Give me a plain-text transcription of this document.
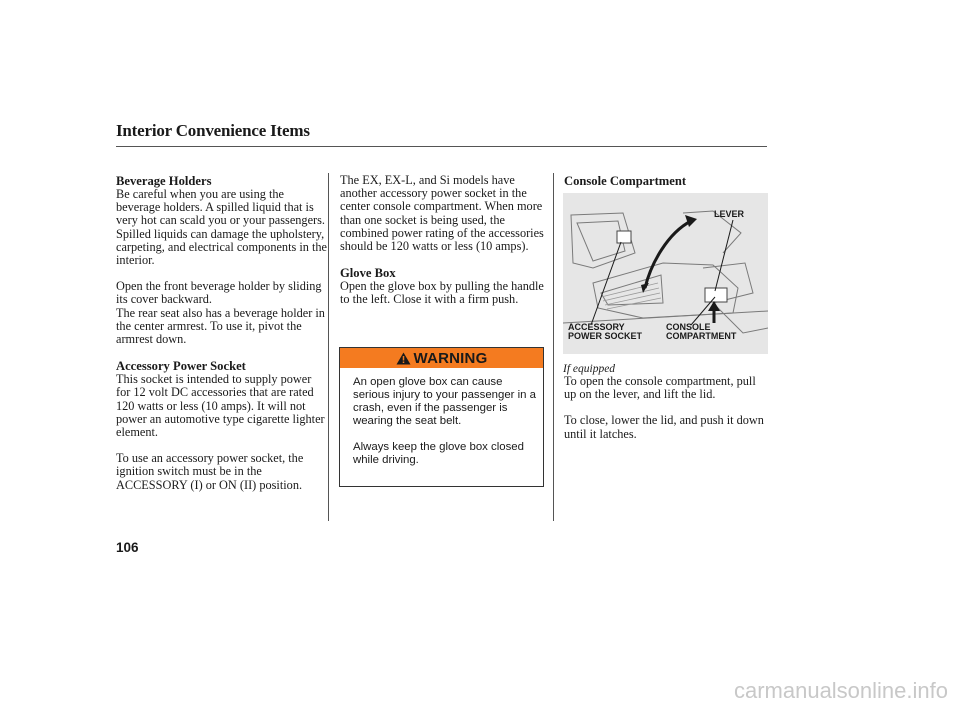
Interior Convenience Items

Beverage Holders

Be careful when you are using the beverage holders. A spilled liquid that is very hot can scald you or your passengers. Spilled liquids can damage the upholstery, carpeting, and electrical components in the interior.

Open the front beverage holder by sliding its cover backward.

The rear seat also has a beverage holder in the center armrest. To use it, pivot the armrest down.

Accessory Power Socket

This socket is intended to supply power for 12 volt DC accessories that are rated 120 watts or less (10 amps). It will not power an automotive type cigarette lighter element.

To use an accessory power socket, the ignition switch must be in the ACCESSORY (I) or ON (II) position.

The EX, EX-L, and Si models have another accessory power socket in the center console compartment. When more than one socket is being used, the combined power rating of the accessories should be 120 watts or less (10 amps).

Glove Box

Open the glove box by pulling the handle to the left. Close it with a firm push.

WARNING

An open glove box can cause serious injury to your passenger in a crash, even if the passenger is wearing the seat belt.

Always keep the glove box closed while driving.

Console Compartment

LEVER
ACCESSORY
POWER SOCKET
CONSOLE
COMPARTMENT
If equipped

To open the console compartment, pull up on the lever, and lift the lid.

To close, lower the lid, and push it down until it latches.

106
carmanualsonline.info
